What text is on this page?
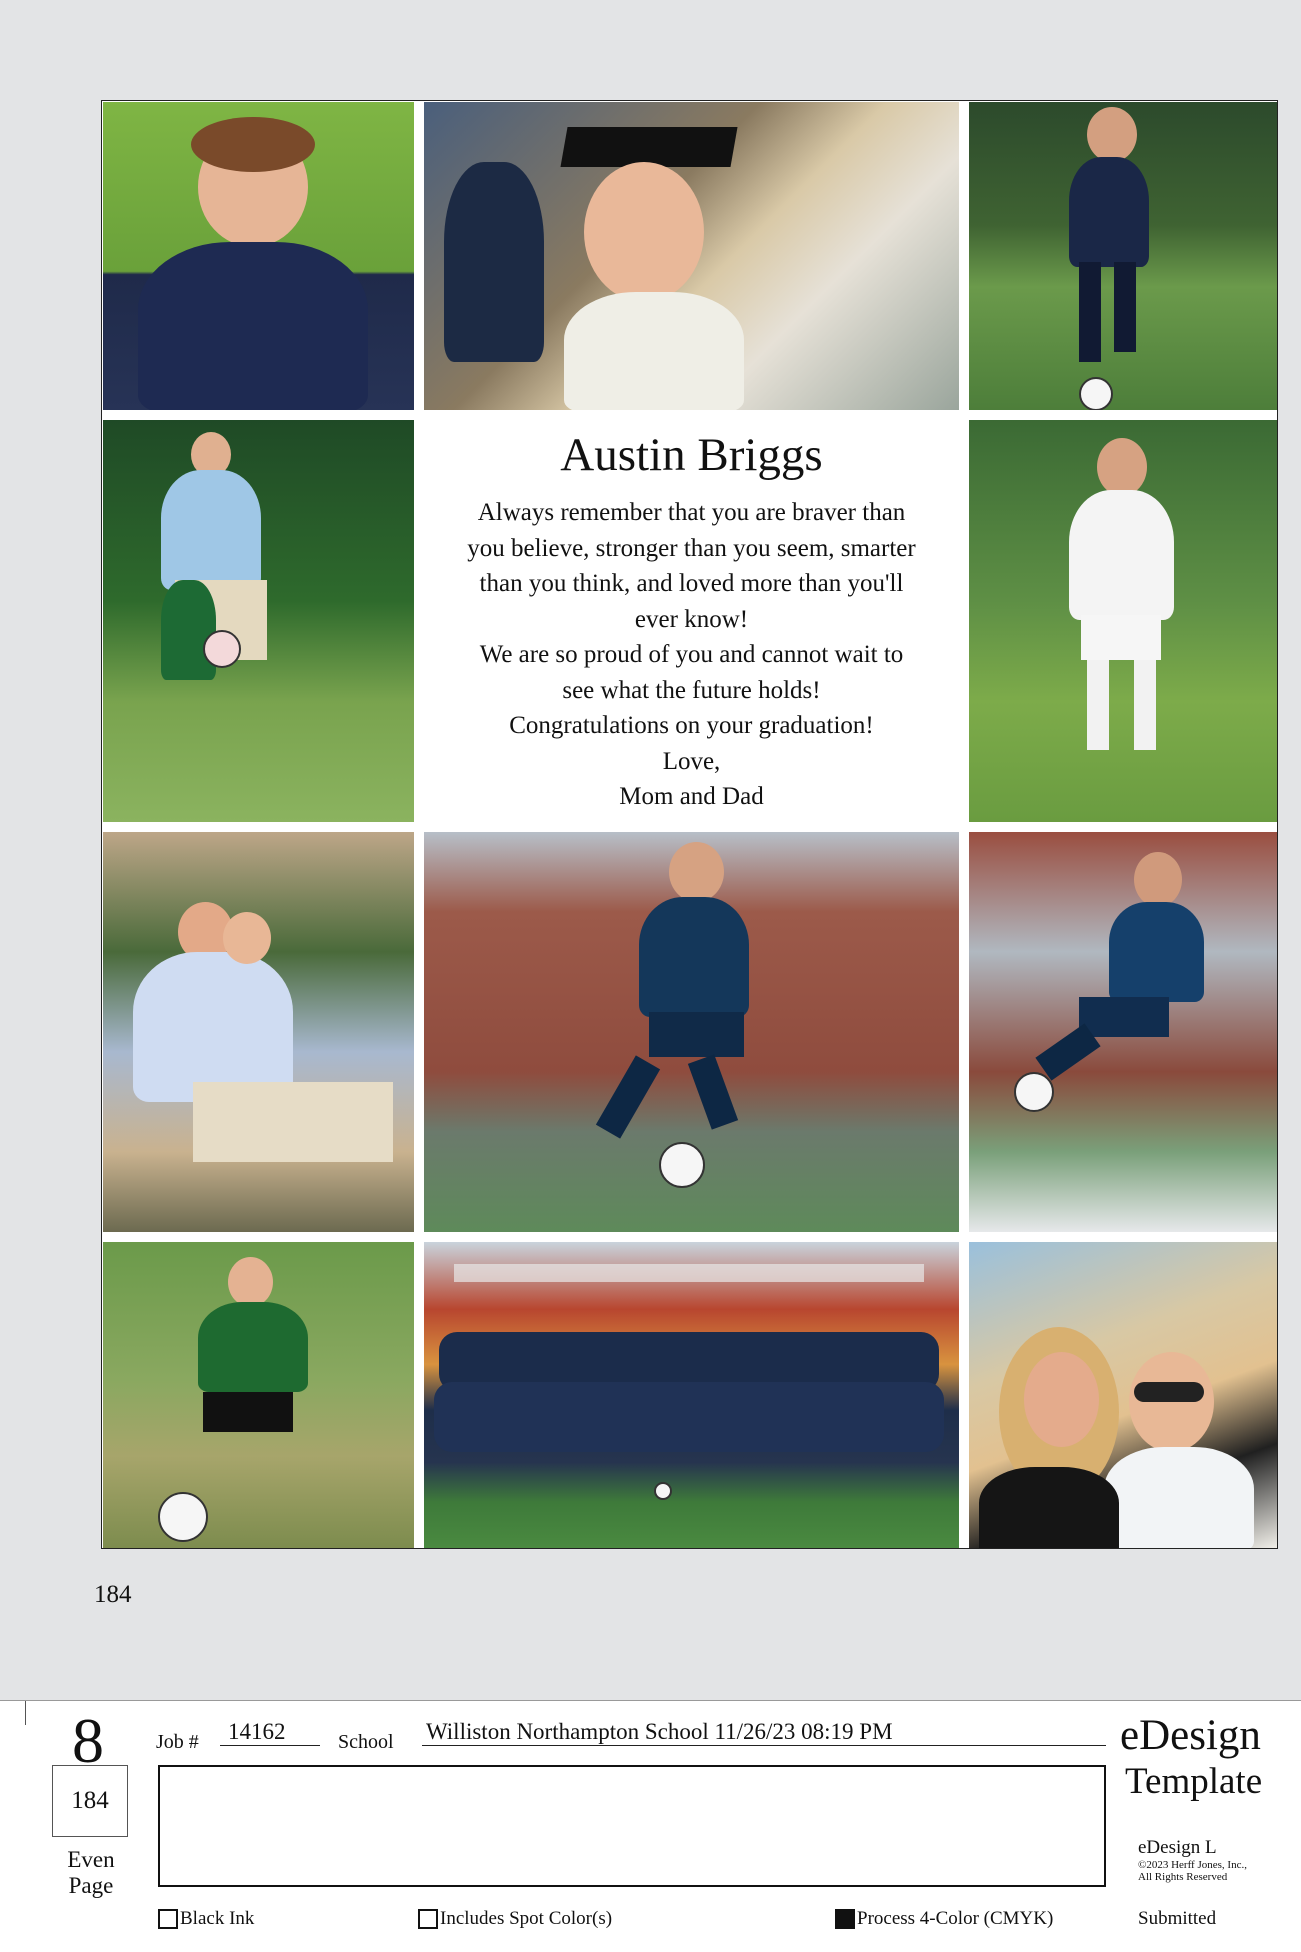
Austin Briggs
Always remember that you are braver than
you believe, stronger than you seem, smarter
than you think, and loved more than you'll
ever know!
We are so proud of you and cannot wait to
see what the future holds!
Congratulations on your graduation!
Love,
Mom and Dad
184
8
184
Even Page
Job #	14162	School Williston Northampton School 11/26/23 08:19 PM	eDesign
Template
eDesign L
©2023 Herff Jones, Inc., All Rights Reserved
Black Ink	Includes Spot Color(s)	Process 4-Color (CMYK)	Submitted
